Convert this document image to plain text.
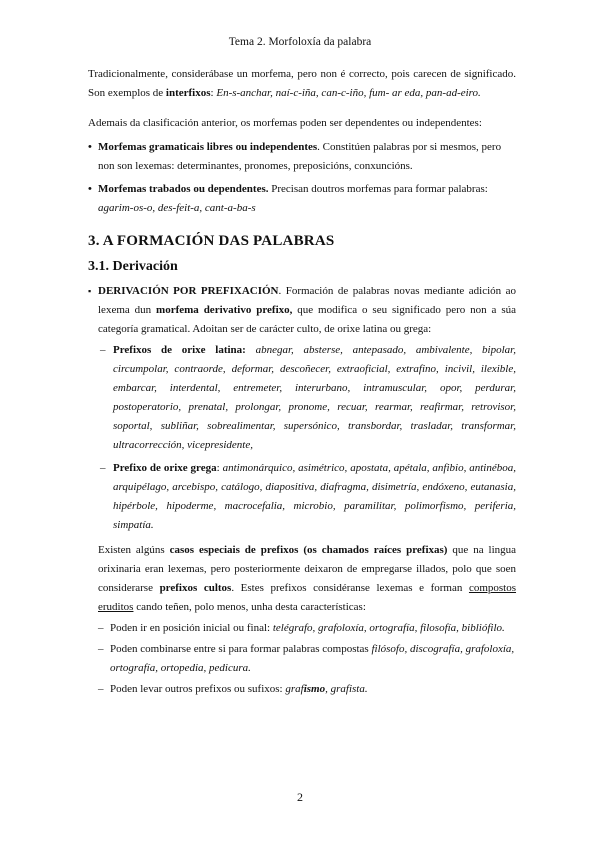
Tema 2. Morfoloxía da palabra

Tradicionalmente, considerábase un morfema, pero non é correcto, pois carecen de significado. Son exemplos de interfixos: En-s-anchar, naí-c-iña, can-c-iño, fum- ar eda, pan-ad-eiro.

Ademais da clasificación anterior, os morfemas poden ser dependentes ou independentes:

• Morfemas gramaticais libres ou independentes. Constitúen palabras por si mesmos, pero non son lexemas: determinantes, pronomes, preposicións, conxuncións.
• Morfemas trabados ou dependentes. Precisan doutros morfemas para formar palabras: agarim-os-o, des-feit-a, cant-a-ba-s
3. A FORMACIÓN DAS PALABRAS
3.1. Derivación
▪ DERIVACIÓN POR PREFIXACIÓN. Formación de palabras novas mediante adición ao lexema dun morfema derivativo prefixo, que modifica o seu significado pero non a súa categoría gramatical. Adoitan ser de carácter culto, de orixe latina ou grega:
– Prefixos de orixe latina: abnegar, absterse, antepasado, ambivalente, bipolar, circumpolar, contraorde, deformar, descoñecer, extraoficial, extrafino, incivil, ilexible, embarcar, interdental, entremeter, interurbano, intramuscular, opor, perdurar, postoperatorio, prenatal, prolongar, pronome, recuar, rearmar, reafirmar, retrovisor, soportal, subliñar, sobrealimentar, supersónico, transbordar, trasladar, transformar, ultracorrección, vicepresidente,
– Prefixo de orixe grega: antimonárquico, asimétrico, apostata, apétala, anfibio, antinéboa, arquipélago, arcebispo, catálogo, diapositiva, diafragma, disimetría, endóxeno, eutanasia, hipérbole, hipoderme, macrocefalia, microbio, paramilitar, polimorfismo, periferia, simpatía.

Existen algúns casos especiais de prefixos (os chamados raíces prefixas) que na lingua orixinaria eran lexemas, pero posteriormente deixaron de empregarse illados, polo que soen considerarse prefixos cultos. Estes prefixos considéranse lexemas e forman compostos eruditos cando teñen, polo menos, unha desta características:

– Poden ir en posición inicial ou final: telégrafo, grafoloxía, ortografía, filosofía, bibliófilo.
– Poden combinarse entre si para formar palabras compostas filósofo, discografía, grafoloxía, ortografía, ortopedia, pedicura.
– Poden levar outros prefixos ou sufixos: grafismo, grafista.
2
